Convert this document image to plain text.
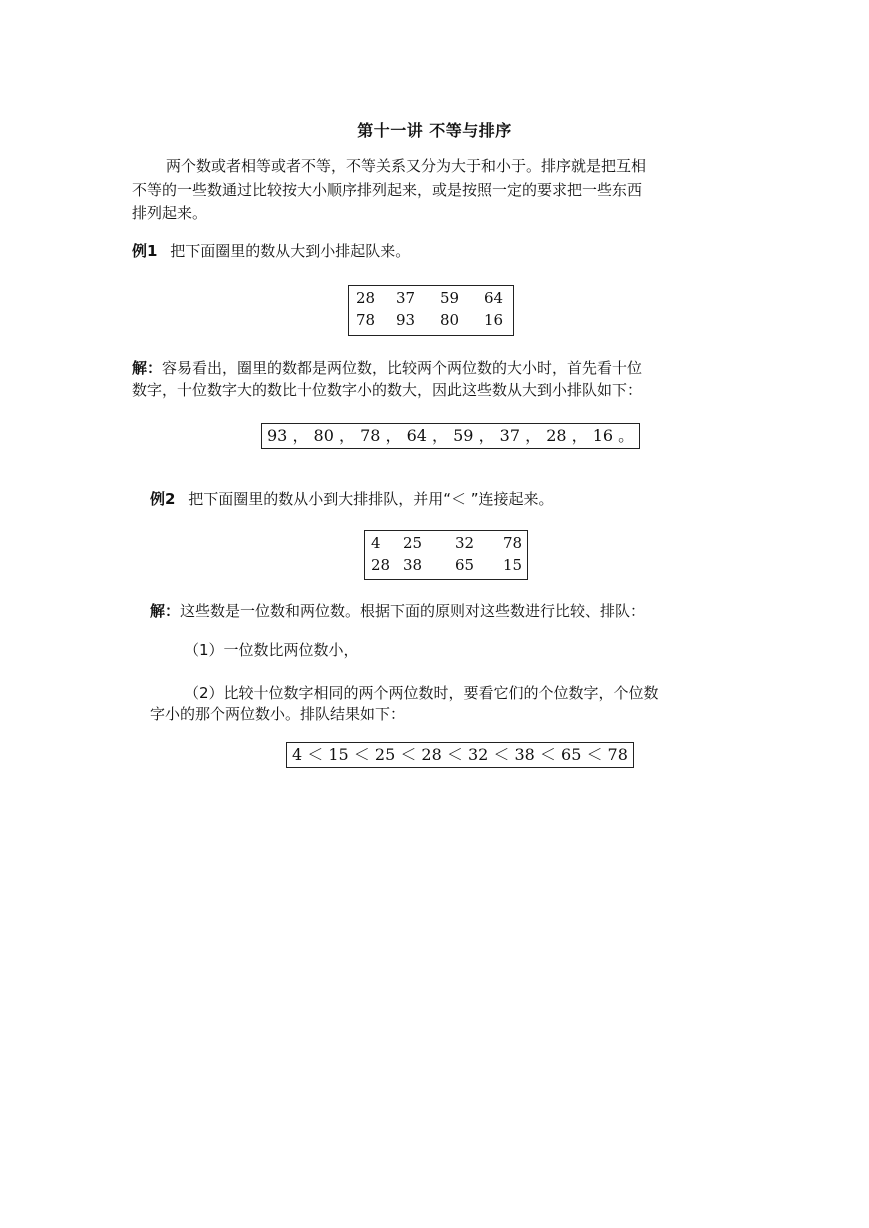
第十一讲 不等与排序
两个数或者相等或者不等，不等关系又分为大于和小于。排序就是把互相
不等的一些数通过比较按大小顺序排列起来，或是按照一定的要求把一些东西
排列起来。
例1 把下面圈里的数从大到小排起队来。
28	37	59	64
78	93	80	16
解：容易看出，圈里的数都是两位数，比较两个两位数的大小时，首先看十位
数字，十位数字大的数比十位数字小的数大，因此这些数从大到小排队如下：
93 ， 80 ， 78 ， 64 ， 59 ， 37 ， 28 ， 16 。
例2 把下面圈里的数从小到大排排队，并用“＜ ”连接起来。
4	25	32	78
28 38	65	15
解：这些数是一位数和两位数。根据下面的原则对这些数进行比较、排队：
（1）一位数比两位数小，
（2）比较十位数字相同的两个两位数时，要看它们的个位数字，个位数
字小的那个两位数小。排队结果如下：
4 ＜ 15 ＜ 25 ＜ 28 ＜ 32 ＜ 38 ＜ 65 ＜ 78
